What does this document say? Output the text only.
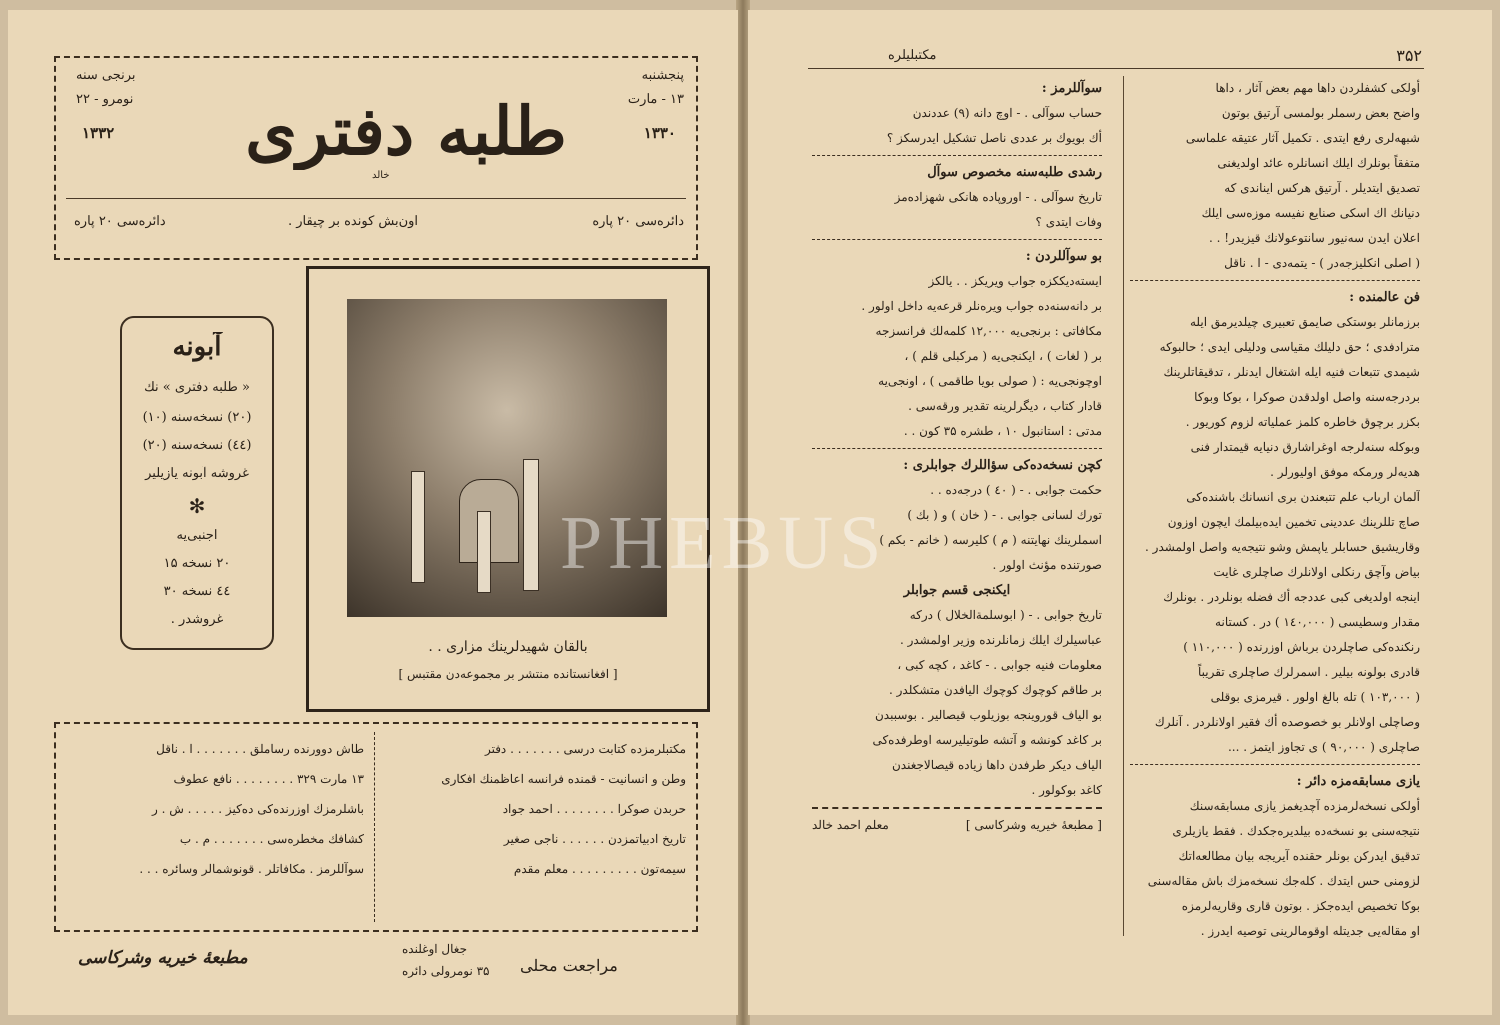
پنجشنبه
۱۳ - مارت
۱۳۳۰
برنجی سنه
نومرو - ۲۲
۱۳۳۲	طلبه دفتری
خالد
دائره‌سی ۲۰ پاره
اون‌بش کونده بر چیقار .
دائره‌سی ۲۰ پاره
آبونه
« طلبه دفتری » نك
(۲۰) نسخه‌سنه (۱۰)
(٤٤) نسخه‌سنه (۲۰)
غروشه آبونه یازیلیر
✻
اجنبی‌یه
۲۰ نسخه ۱۵
٤٤ نسخه ۳۰
غروشدر .
بالقان شهیدلرینك مزاری . .
[ افغانستانده منتشر بر مجموعه‌دن مقتبس ]
مکتبلرمزده کتابت درسی . . . . . . . دفتر
وطن و انسانیت - قمنده فرانسه اعاظمنك افکاری
حربدن صوکرا . . . . . . . . احمد جواد
تاریخ ادبیاتمزدن . . . . . . ناجی صغیر
سیمه‌تون . . . . . . . . . معلم مقدم
طاش دوورنده رساملق . . . . . . . ا . ناقل
۱۳ مارت ۳۲۹ . . . . . . . . نافع عطوف
باشلرمزك اوزرنده‌کی ده‌کیز . . . . . ش . ر
کشافك مخطره‌سی . . . . . . . م . ب
سوآللرمز . مکافاتلر . قونوشمالر وسائره . . .
مراجعت محلی
جغال اوغلنده
۳۵ نومرولی دائره
مطبعهٔ خیریه وشرکاسی
۳۵۲
مکتبلیلره
أولکی کشفلردن داها مهم بعض آثار ، داها
واضح بعض رسملر بولمسی آرتیق بوتون
شبهه‌لری رفع ایتدی . تکمیل آثار عتیقه علماسی
متفقاً بونلرك ایلك انسانلره عائد اولدیغنی
تصدیق ایتدیلر . آرتیق هرکس ایناندی که
دنیانك اك اسکی صنایع نفیسه موزه‌سی ایلك
اعلان ایدن سه‌نیور سانتوعولانك قیزیدر! . .
( اصلی انکلیزجه‌در ) - یتمه‌دی - ا . ناقل
فن عالمنده :
برزمانلر بوستکی صایمق تعبیری چیلدیرمق ایله
مترادفدی ؛ حق دلیلك مقیاسی ودلیلی ایدی ؛ حالبوکه
شیمدی تتبعات فنیه ایله اشتغال ایدنلر ، تدقیقاتلرینك
بردرجه‌سنه واصل اولدقدن صوکرا ، بوکا وبوکا
بکزر برچوق خاطره کلمز عملیاته لزوم کوریور .
وبوکله سنه‌لرجه اوغراشارق دنیایه قیمتدار فنی
هدیه‌لر ورمکه موفق اولیورلر .
آلمان ارباب علم تتبعندن بری انسانك باشنده‌کی
صاچ تللرینك عددینی تخمین ایده‌بیلمك ایچون اوزون
وقاریشیق حسابلر یاپمش وشو نتیجه‌یه واصل اولمشدر .
بیاض وآچق رنکلی اولانلرك صاچلری غایت
اینجه اولدیغی کبی عددجه أك فضله بونلردر . بونلرك
مقدار وسطیسی ( ۱٤۰,۰۰۰ ) در . کستانه
رنکنده‌کی صاچلردن برباش اوزرنده ( ۱۱۰,۰۰۰ )
قادری بولونه بیلیر . اسمرلرك صاچلری تقریباً
( ۱۰۳,۰۰۰ ) تله بالغ اولور . قیرمزی بوقلی
وصاچلی اولانلر بو خصوصده أك فقیر اولانلردر . آنلرك
صاچلری ( ۹۰,۰۰۰ ) ی تجاوز ایتمز . ...
یازی مسابقه‌مزه دائر :
أولکی نسخه‌لرمزده آچدیغمز یازی مسابقه‌سنك
نتیجه‌سنی بو نسخه‌ده بیلدیره‌جکدك . فقط یازیلری
تدقیق ایدرکن بونلر حقنده آیریجه بیان مطالعه‌اتك
لزومنی حس ایتدك . کله‌جك نسخه‌مزك باش مقاله‌سنی
بوکا تخصیص ایده‌جکز . بوتون قاری وقاریه‌لرمزه
او مقاله‌یی جدیتله اوقومالرینی توصیه ایدرز .
سوآللرمز :
حساب سوآلی . - اوچ دانه (۹) عددندن
أك بویوك بر عددی ناصل تشکیل ایدرسکز ؟
رشدی طلبه‌سنه مخصوص سوآل
تاریخ سوآلی . - اوروپاده هانکی شهزاده‌مز
وفات ایتدی ؟
بو سوآللردن :
ایسته‌دیککزه جواب ویریکز . . یالکز
بر دانه‌سنه‌ده جواب ویره‌نلر قرعه‌یه داخل اولور .
مکافاتی : برنجی‌یه ۱۲,۰۰۰ کلمه‌لك فرانسزجه
بر ( لغات ) ، ایکنجی‌یه ( مرکبلی قلم ) ،
اوچونجی‌یه : ( صولی بویا طاقمی ) ، اونجی‌یه
قادار کتاب ، دیگرلرینه تقدیر ورقه‌سی .
مدتی : استانبول ۱۰ ، طشره ۳۵ کون . .
کچن نسخه‌ده‌کی سؤاللرك جوابلری :
حکمت جوابی . - ( ٤٠ ) درجه‌ده . .
تورك لسانی جوابی . - ( خان ) و ( بك )
اسملرینك نهایتنه ( م ) کلیرسه ( خانم - بکم )
صورتنده مؤنث اولور .
ایکنجی قسم جوابلر
تاریخ جوابی . - ( ابوسلمةالخلال ) درکه
عباسیلرك ایلك زمانلرنده وزیر اولمشدر .
معلومات فنیه جوابی . - کاغد ، کچه کبی ،
بر طاقم کوچوك کوچوك الیافدن متشکلدر .
بو الیاف قوروینجه بوزیلوب قیصالیر . بوسببدن
بر کاغد کونشه و آتشه طوتیلیرسه اوطرفده‌کی
الیاف دیکر طرفدن داها زیاده قیصالاجغندن
کاغد بوکولور .
[ مطبعهٔ خیریه وشرکاسی ]
معلم احمد خالد
PHEBUS
